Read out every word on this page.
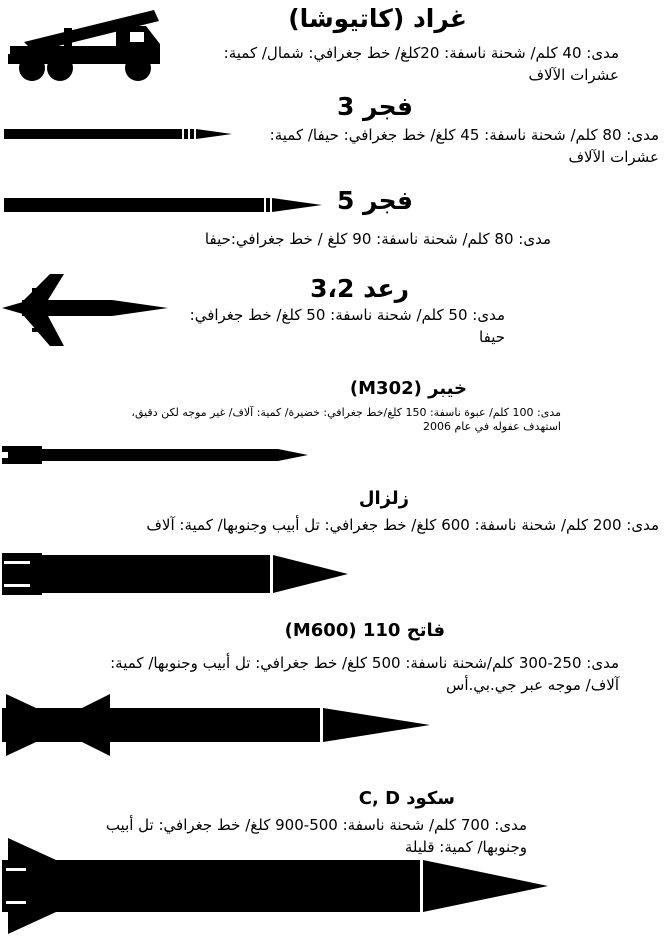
غراد (كاتيوشا)
مدى: 40 كلم/ شحنة ناسفة: 20كلغ/ خط جغرافي: شمال/ كمية: عشرات الآلاف
فجر 3
مدى: 80 كلم/ شحنة ناسفة: 45 كلغ/ خط جغرافي: حيفا/ كمية: عشرات الآلاف
فجر 5
مدى: 80 كلم/ شحنة ناسفة: 90 كلغ / خط جغرافي:حيفا
رعد 3،2
مدى: 50 كلم/ شحنة ناسفة: 50 كلغ/ خط جغرافي: حيفا
خيبر (M302)
مدى: 100 كلم/ عبوة ناسفة: 150 كلغ/خط جغرافي: خضيرة/ كمية: آلاف/ غير موجه لكن دقيق، استهدف عفوله في عام 2006
زلزال
مدى: 200 كلم/ شحنة ناسفة: 600 كلغ/ خط جغرافي: تل أبيب وجنوبها/ كمية: آلاف
فاتح 110 (M600)
مدى: 250-300 كلم/شحنة ناسفة: 500 كلغ/ خط جغرافي: تل أبيب وجنوبها/ كمية: آلاف/ موجه عبر جي.بي.أس
سكود C, D
مدى: 700 كلم/ شحنة ناسفة: 500-900 كلغ/ خط جغرافي: تل أبيب وجنوبها/ كمية: قليلة
